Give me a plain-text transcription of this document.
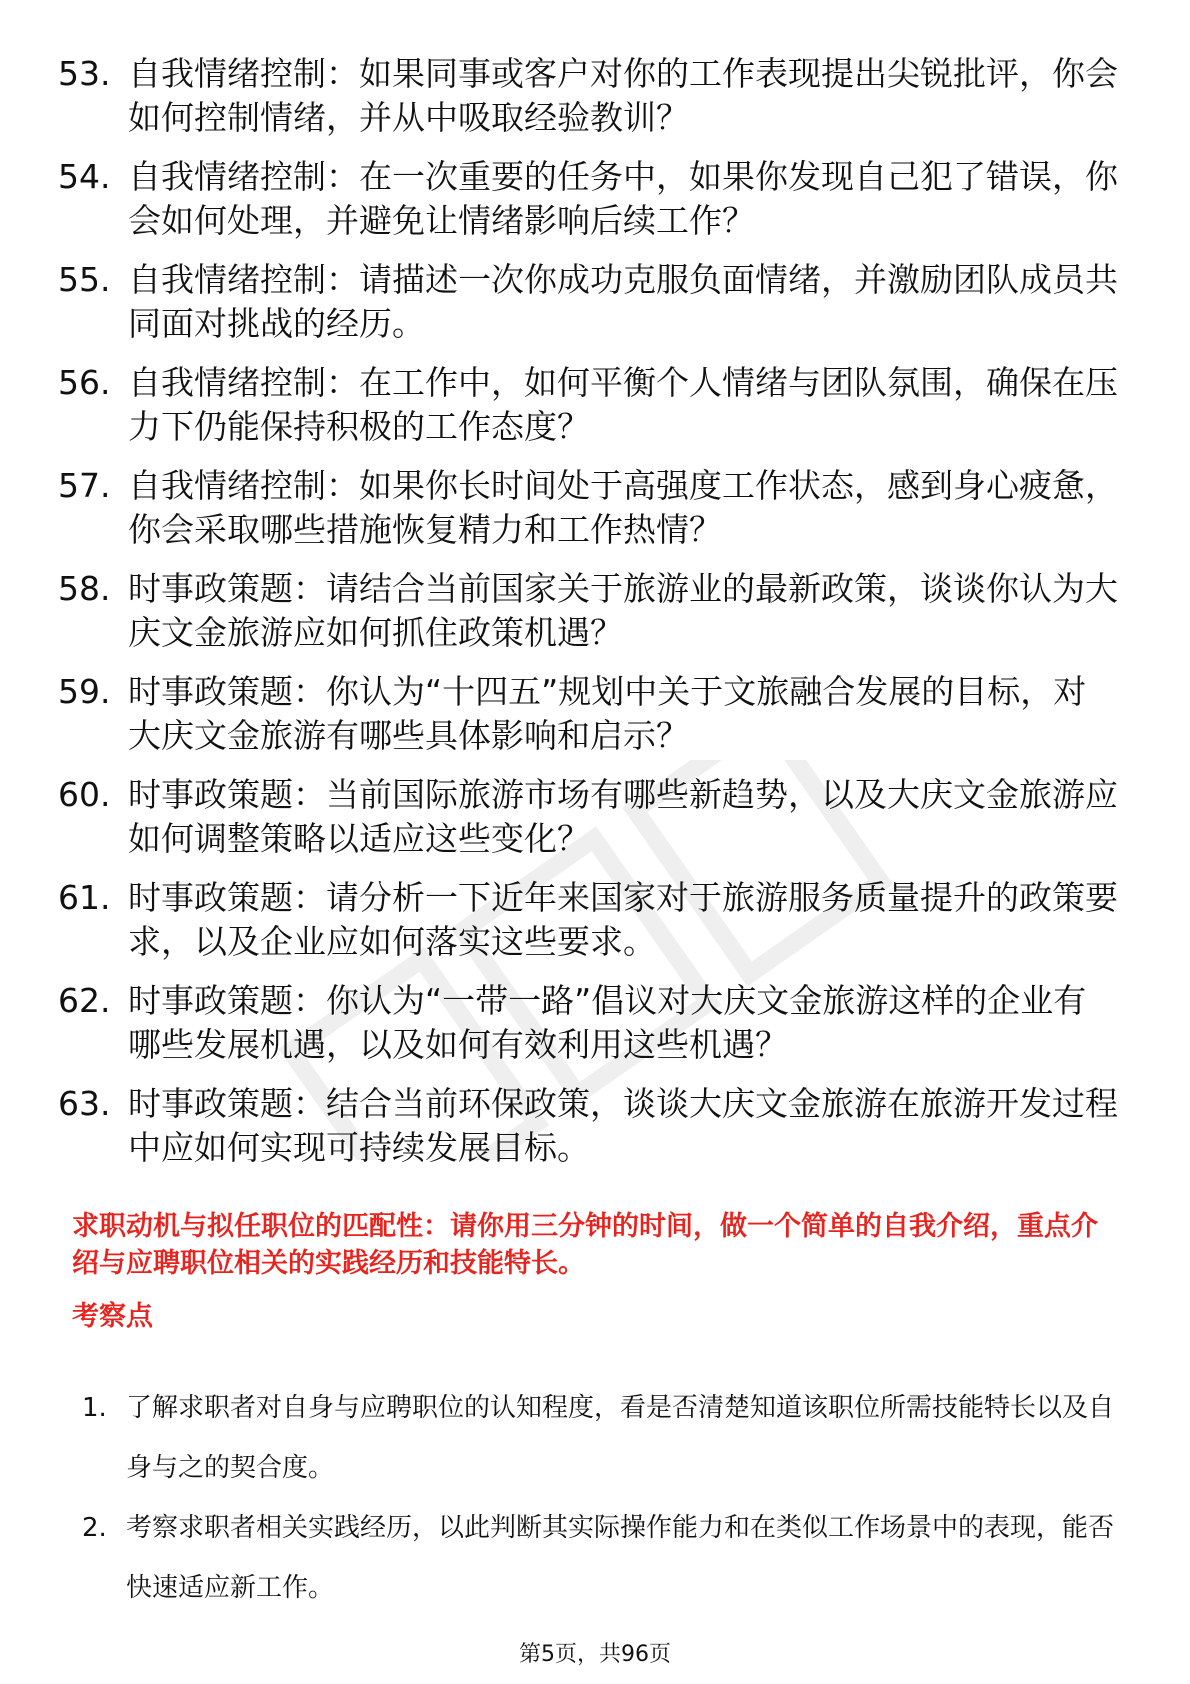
53. 自我情绪控制：如果同事或客户对你的工作表现提出尖锐批评，你会如何控制情绪，并从中吸取经验教训？
54. 自我情绪控制：在一次重要的任务中，如果你发现自己犯了错误，你会如何处理，并避免让情绪影响后续工作？
55. 自我情绪控制：请描述一次你成功克服负面情绪，并激励团队成员共同面对挑战的经历。
56. 自我情绪控制：在工作中，如何平衡个人情绪与团队氛围，确保在压力下仍能保持积极的工作态度？
57. 自我情绪控制：如果你长时间处于高强度工作状态，感到身心疲惫，你会采取哪些措施恢复精力和工作热情？
58. 时事政策题：请结合当前国家关于旅游业的最新政策，谈谈你认为大庆文金旅游应如何抓住政策机遇？
59. 时事政策题：你认为“十四五”规划中关于文旅融合发展的目标，对大庆文金旅游有哪些具体影响和启示？
60. 时事政策题：当前国际旅游市场有哪些新趋势，以及大庆文金旅游应如何调整策略以适应这些变化？
61. 时事政策题：请分析一下近年来国家对于旅游服务质量提升的政策要求，以及企业应如何落实这些要求。
62. 时事政策题：你认为“一带一路”倡议对大庆文金旅游这样的企业有哪些发展机遇，以及如何有效利用这些机遇？
63. 时事政策题：结合当前环保政策，谈谈大庆文金旅游在旅游开发过程中应如何实现可持续发展目标。
求职动机与拟任职位的匹配性：请你用三分钟的时间，做一个简单的自我介绍，重点介绍与应聘职位相关的实践经历和技能特长。
考察点
1. 了解求职者对自身与应聘职位的认知程度，看是否清楚知道该职位所需技能特长以及自身与之的契合度。
2. 考察求职者相关实践经历，以此判断其实际操作能力和在类似工作场景中的表现，能否快速适应新工作。
第5页，共96页
